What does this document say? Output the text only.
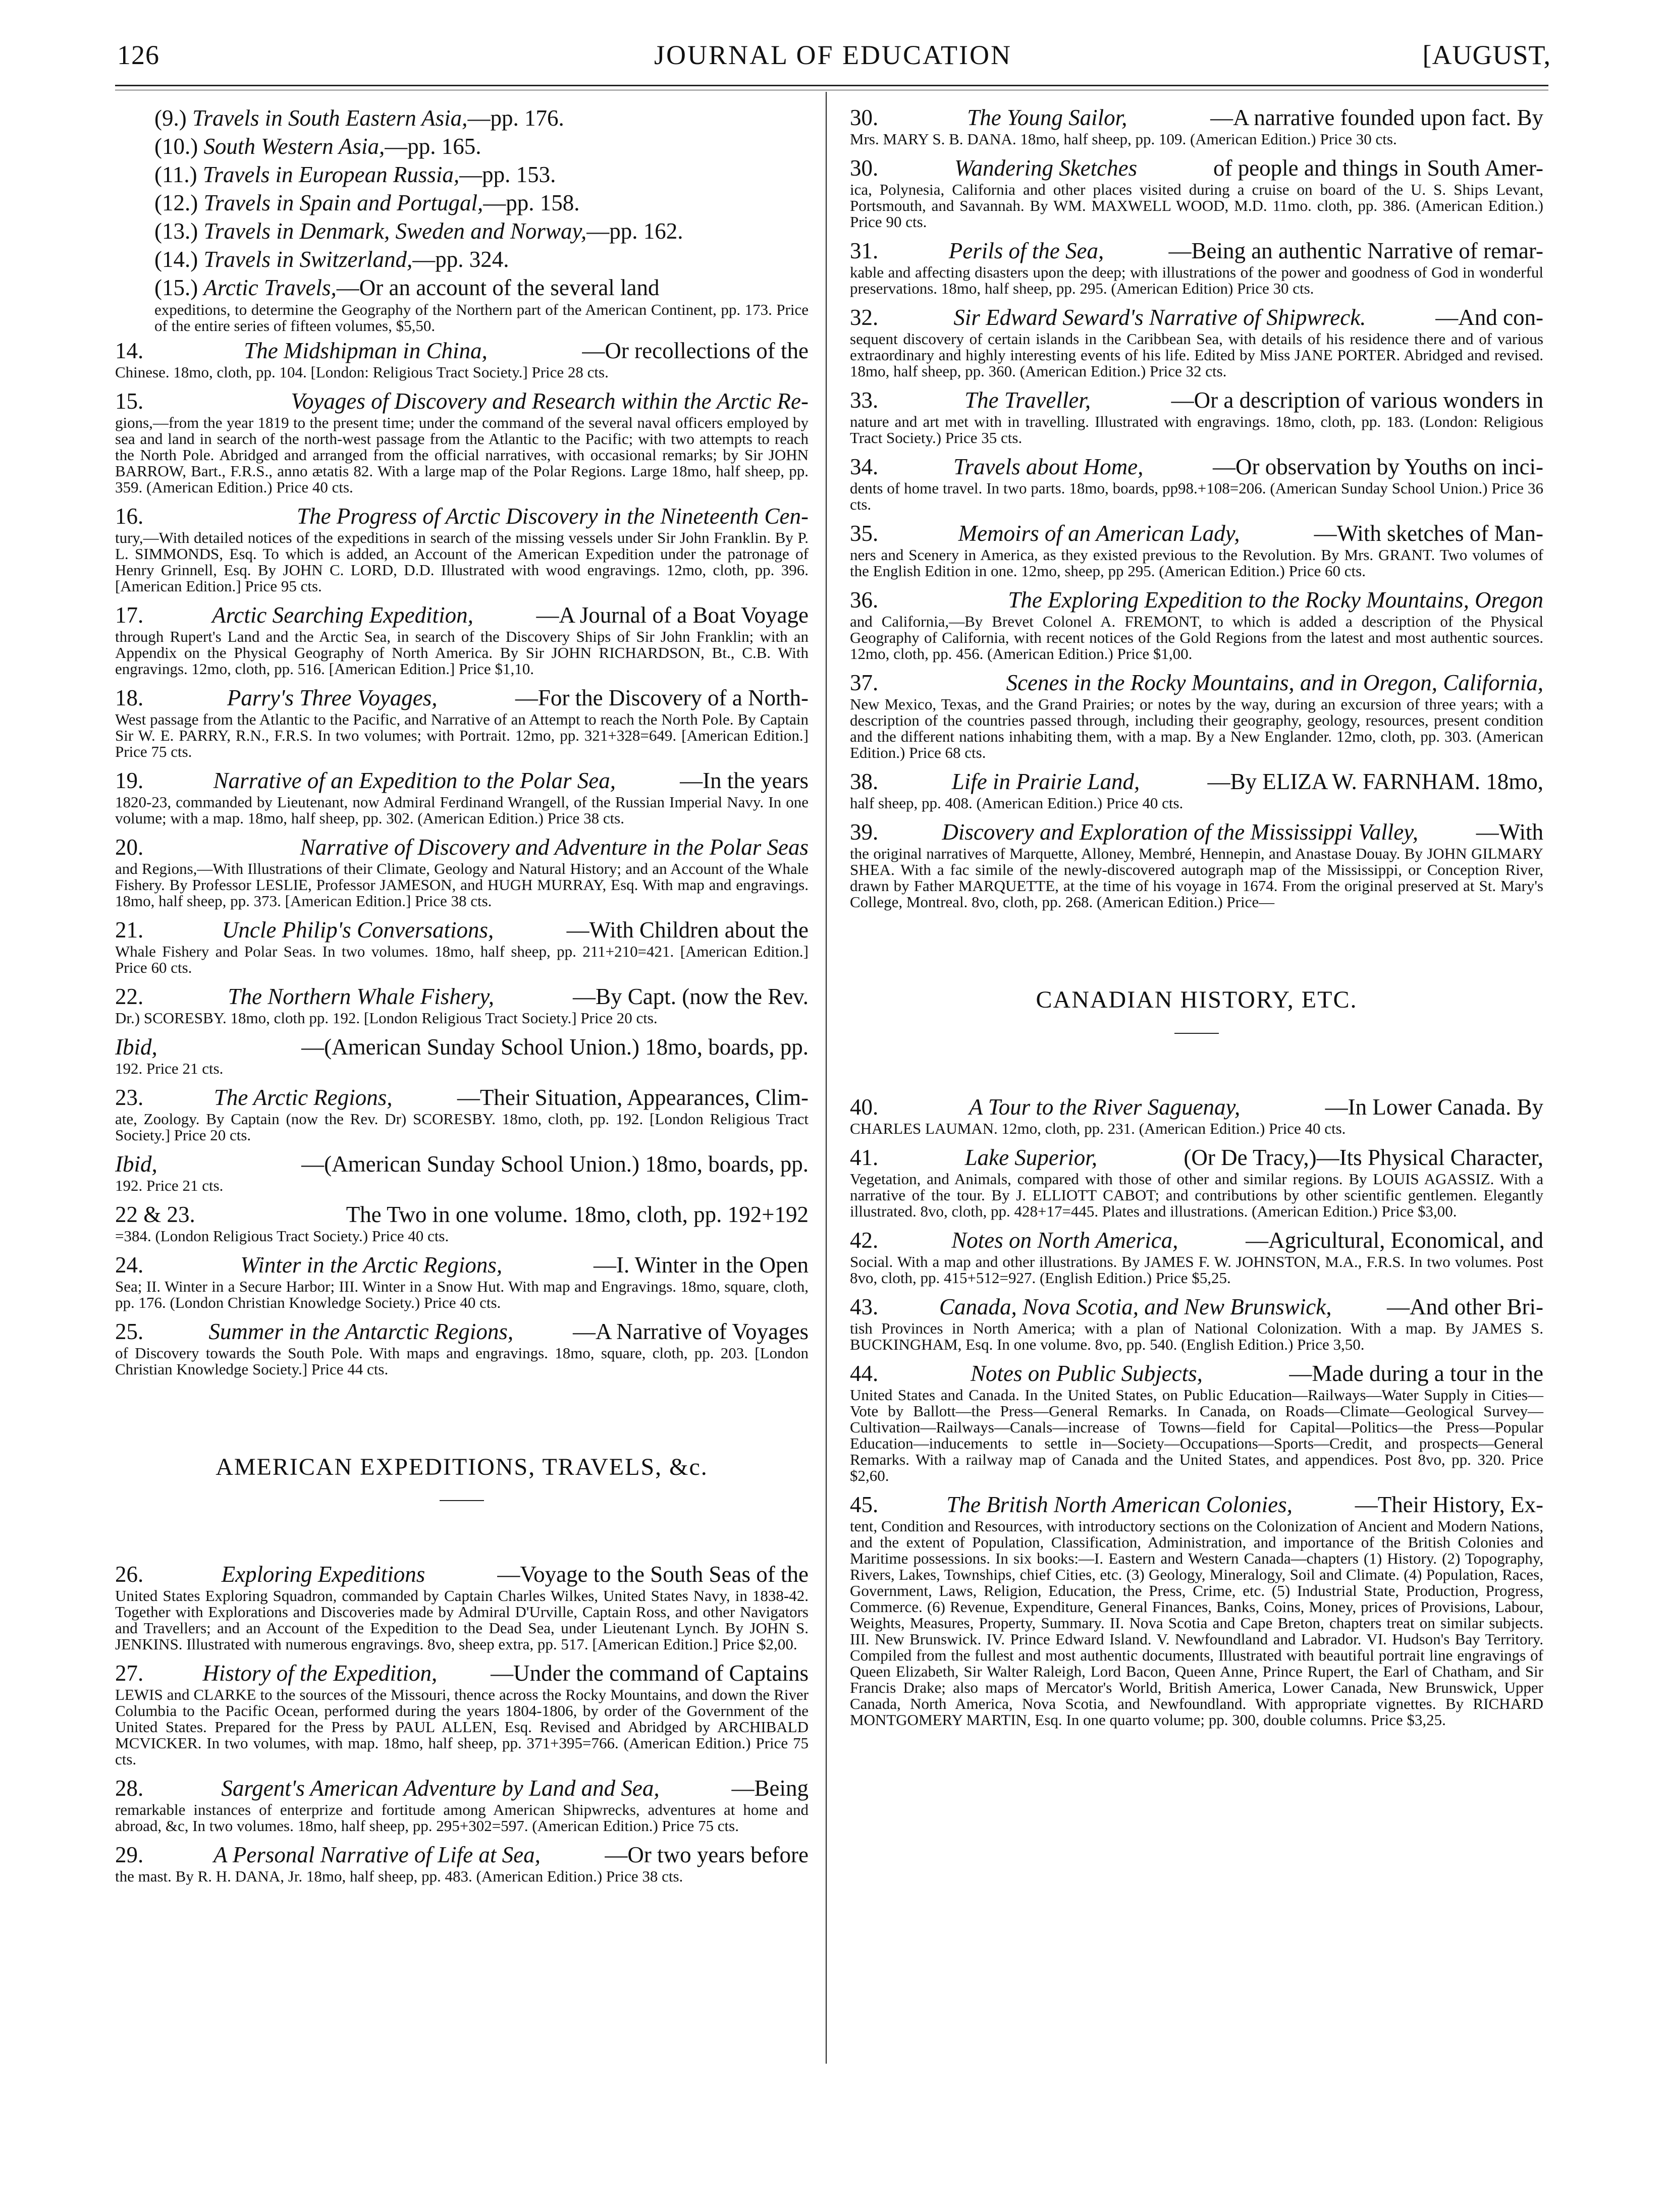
126	JOURNAL OF EDUCATION	[AUGUST,
(9.) Travels in South Eastern Asia,—pp. 176.
(10.) South Western Asia,—pp. 165.
(11.) Travels in European Russia,—pp. 153.
(12.) Travels in Spain and Portugal,—pp. 158.
(13.) Travels in Denmark, Sweden and Norway,—pp. 162.
(14.) Travels in Switzerland,—pp. 324.
(15.) Arctic Travels,—Or an account of the several land
expeditions, to determine the Geography of the Northern part of the American Continent, pp. 173. Price of the entire series of fifteen volumes, $5,50.
14.	The Midshipman in China,	—Or recollections of the
Chinese. 18mo, cloth, pp. 104. [London: Religious Tract Society.] Price 28 cts.
15.	Voyages of Discovery and Research within the Arctic Re-
gions,—from the year 1819 to the present time; under the command of the several naval officers employed by sea and land in search of the north-west passage from the Atlantic to the Pacific; with two attempts to reach the North Pole. Abridged and arranged from the official narratives, with occasional remarks; by Sir JOHN BARROW, Bart., F.R.S., anno ætatis 82. With a large map of the Polar Regions. Large 18mo, half sheep, pp. 359. (American Edition.) Price 40 cts.
16.	The Progress of Arctic Discovery in the Nineteenth Cen-
tury,—With detailed notices of the expeditions in search of the missing vessels under Sir John Franklin. By P. L. SIMMONDS, Esq. To which is added, an Account of the American Expedition under the patronage of Henry Grinnell, Esq. By JOHN C. LORD, D.D. Illustrated with wood engravings. 12mo, cloth, pp. 396. [American Edition.] Price 95 cts.
17.	Arctic Searching Expedition,	—A Journal of a Boat Voyage
through Rupert's Land and the Arctic Sea, in search of the Discovery Ships of Sir John Franklin; with an Appendix on the Physical Geography of North America. By Sir JOHN RICHARDSON, Bt., C.B. With engravings. 12mo, cloth, pp. 516. [American Edition.] Price $1,10.
18.	Parry's Three Voyages,	—For the Discovery of a North-
West passage from the Atlantic to the Pacific, and Narrative of an Attempt to reach the North Pole. By Captain Sir W. E. PARRY, R.N., F.R.S. In two volumes; with Portrait. 12mo, pp. 321+328=649. [American Edition.] Price 75 cts.
19.	Narrative of an Expedition to the Polar Sea,	—In the years
1820-23, commanded by Lieutenant, now Admiral Ferdinand Wrangell, of the Russian Imperial Navy. In one volume; with a map. 18mo, half sheep, pp. 302. (American Edition.) Price 38 cts.
20.	Narrative of Discovery and Adventure in the Polar Seas
and Regions,—With Illustrations of their Climate, Geology and Natural History; and an Account of the Whale Fishery. By Professor LESLIE, Professor JAMESON, and HUGH MURRAY, Esq. With map and engravings. 18mo, half sheep, pp. 373. [American Edition.] Price 38 cts.
21.	Uncle Philip's Conversations,	—With Children about the
Whale Fishery and Polar Seas. In two volumes. 18mo, half sheep, pp. 211+210=421. [American Edition.] Price 60 cts.
22.	The Northern Whale Fishery,	—By Capt. (now the Rev.
Dr.) SCORESBY. 18mo, cloth pp. 192. [London Religious Tract Society.] Price 20 cts.
Ibid,	—(American Sunday School Union.) 18mo, boards, pp.
192. Price 21 cts.
23.	The Arctic Regions,	—Their Situation, Appearances, Clim-
ate, Zoology. By Captain (now the Rev. Dr) SCORESBY. 18mo, cloth, pp. 192. [London Religious Tract Society.] Price 20 cts.
Ibid,	—(American Sunday School Union.) 18mo, boards, pp.
192. Price 21 cts.
22 & 23.	The Two in one volume. 18mo, cloth, pp. 192+192
=384. (London Religious Tract Society.) Price 40 cts.
24.	Winter in the Arctic Regions,	—I. Winter in the Open
Sea; II. Winter in a Secure Harbor; III. Winter in a Snow Hut. With map and Engravings. 18mo, square, cloth, pp. 176. (London Christian Knowledge Society.) Price 40 cts.
25.	Summer in the Antarctic Regions,	—A Narrative of Voyages
of Discovery towards the South Pole. With maps and engravings. 18mo, square, cloth, pp. 203. [London Christian Knowledge Society.] Price 44 cts.
AMERICAN EXPEDITIONS, TRAVELS, &c.
26.	Exploring Expeditions	—Voyage to the South Seas of the
United States Exploring Squadron, commanded by Captain Charles Wilkes, United States Navy, in 1838-42. Together with Explorations and Discoveries made by Admiral D'Urville, Captain Ross, and other Navigators and Travellers; and an Account of the Expedition to the Dead Sea, under Lieutenant Lynch. By JOHN S. JENKINS. Illustrated with numerous engravings. 8vo, sheep extra, pp. 517. [American Edition.] Price $2,00.
27. History of the Expedition, —Under the command of Captains
LEWIS and CLARKE to the sources of the Missouri, thence across the Rocky Mountains, and down the River Columbia to the Pacific Ocean, performed during the years 1804-1806, by order of the Government of the United States. Prepared for the Press by PAUL ALLEN, Esq. Revised and Abridged by ARCHIBALD MCVICKER. In two volumes, with map. 18mo, half sheep, pp. 371+395=766. (American Edition.) Price 75 cts.
28.	Sargent's American Adventure by Land and Sea,	—Being
remarkable instances of enterprize and fortitude among American Shipwrecks, adventures at home and abroad, &c, In two volumes. 18mo, half sheep, pp. 295+302=597. (American Edition.) Price 75 cts.
29.	A Personal Narrative of Life at Sea,	—Or two years before
the mast. By R. H. DANA, Jr. 18mo, half sheep, pp. 483. (American Edition.) Price 38 cts.
30.	The Young Sailor,	—A narrative founded upon fact. By
Mrs. MARY S. B. DANA. 18mo, half sheep, pp. 109. (American Edition.) Price 30 cts.
30.	Wandering Sketches	of people and things in South Amer-
ica, Polynesia, California and other places visited during a cruise on board of the U. S. Ships Levant, Portsmouth, and Savannah. By WM. MAXWELL WOOD, M.D. 11mo. cloth, pp. 386. (American Edition.) Price 90 cts.
31.	Perils of the Sea,	—Being an authentic Narrative of remar-
kable and affecting disasters upon the deep; with illustrations of the power and goodness of God in wonderful preservations. 18mo, half sheep, pp. 295. (American Edition) Price 30 cts.
32.	Sir Edward Seward's Narrative of Shipwreck.	—And con-
sequent discovery of certain islands in the Caribbean Sea, with details of his residence there and of various extraordinary and highly interesting events of his life. Edited by Miss JANE PORTER. Abridged and revised. 18mo, half sheep, pp. 360. (American Edition.) Price 32 cts.
33.	The Traveller,	—Or a description of various wonders in
nature and art met with in travelling. Illustrated with engravings. 18mo, cloth, pp. 183. (London: Religious Tract Society.) Price 35 cts.
34.	Travels about Home,	—Or observation by Youths on inci-
dents of home travel. In two parts. 18mo, boards, pp98.+108=206. (American Sunday School Union.) Price 36 cts.
35.	Memoirs of an American Lady,	—With sketches of Man-
ners and Scenery in America, as they existed previous to the Revolution. By Mrs. GRANT. Two volumes of the English Edition in one. 12mo, sheep, pp 295. (American Edition.) Price 60 cts.
36.	The Exploring Expedition to the Rocky Mountains, Oregon
and California,—By Brevet Colonel A. FREMONT, to which is added a description of the Physical Geography of California, with recent notices of the Gold Regions from the latest and most authentic sources. 12mo, cloth, pp. 456. (American Edition.) Price $1,00.
37.	Scenes in the Rocky Mountains, and in Oregon, California,
New Mexico, Texas, and the Grand Prairies; or notes by the way, during an excursion of three years; with a description of the countries passed through, including their geography, geology, resources, present condition and the different nations inhabiting them, with a map. By a New Englander. 12mo, cloth, pp. 303. (American Edition.) Price 68 cts.
38.	Life in Prairie Land,	—By ELIZA W. FARNHAM. 18mo,
half sheep, pp. 408. (American Edition.) Price 40 cts.
39.	Discovery and Exploration of the Mississippi Valley,	—With
the original narratives of Marquette, Alloney, Membré, Hennepin, and Anastase Douay. By JOHN GILMARY SHEA. With a fac simile of the newly-discovered autograph map of the Mississippi, or Conception River, drawn by Father MARQUETTE, at the time of his voyage in 1674. From the original preserved at St. Mary's College, Montreal. 8vo, cloth, pp. 268. (American Edition.) Price—
CANADIAN HISTORY, ETC.
40.	A Tour to the River Saguenay,	—In Lower Canada. By
CHARLES LAUMAN. 12mo, cloth, pp. 231. (American Edition.) Price 40 cts.
41.	Lake Superior,	(Or De Tracy,)—Its Physical Character,
Vegetation, and Animals, compared with those of other and similar regions. By LOUIS AGASSIZ. With a narrative of the tour. By J. ELLIOTT CABOT; and contributions by other scientific gentlemen. Elegantly illustrated. 8vo, cloth, pp. 428+17=445. Plates and illustrations. (American Edition.) Price $3,00.
42.	Notes on North America,	—Agricultural, Economical, and
Social. With a map and other illustrations. By JAMES F. W. JOHNSTON, M.A., F.R.S. In two volumes. Post 8vo, cloth, pp. 415+512=927. (English Edition.) Price $5,25.
43. Canada, Nova Scotia, and New Brunswick, —And other Bri-
tish Provinces in North America; with a plan of National Colonization. With a map. By JAMES S. BUCKINGHAM, Esq. In one volume. 8vo, pp. 540. (English Edition.) Price 3,50.
44.	Notes on Public Subjects,	—Made during a tour in the
United States and Canada. In the United States, on Public Education—Railways—Water Supply in Cities—Vote by Ballott—the Press—General Remarks. In Canada, on Roads—Climate—Geological Survey—Cultivation—Railways—Canals—increase of Towns—field for Capital—Politics—the Press—Popular Education—inducements to settle in—Society—Occupations—Sports—Credit, and prospects—General Remarks. With a railway map of Canada and the United States, and appendices. Post 8vo, pp. 320. Price $2,60.
45.	The British North American Colonies,	—Their History, Ex-
tent, Condition and Resources, with introductory sections on the Colonization of Ancient and Modern Nations, and the extent of Population, Classification, Administration, and importance of the British Colonies and Maritime possessions. In six books:—I. Eastern and Western Canada—chapters (1) History. (2) Topography, Rivers, Lakes, Townships, chief Cities, etc. (3) Geology, Mineralogy, Soil and Climate. (4) Population, Races, Government, Laws, Religion, Education, the Press, Crime, etc. (5) Industrial State, Production, Progress, Commerce. (6) Revenue, Expenditure, General Finances, Banks, Coins, Money, prices of Provisions, Labour, Weights, Measures, Property, Summary. II. Nova Scotia and Cape Breton, chapters treat on similar subjects. III. New Brunswick. IV. Prince Edward Island. V. Newfoundland and Labrador. VI. Hudson's Bay Territory. Compiled from the fullest and most authentic documents, Illustrated with beautiful portrait line engravings of Queen Elizabeth, Sir Walter Raleigh, Lord Bacon, Queen Anne, Prince Rupert, the Earl of Chatham, and Sir Francis Drake; also maps of Mercator's World, British America, Lower Canada, New Brunswick, Upper Canada, North America, Nova Scotia, and Newfoundland. With appropriate vignettes. By RICHARD MONTGOMERY MARTIN, Esq. In one quarto volume; pp. 300, double columns. Price $3,25.
